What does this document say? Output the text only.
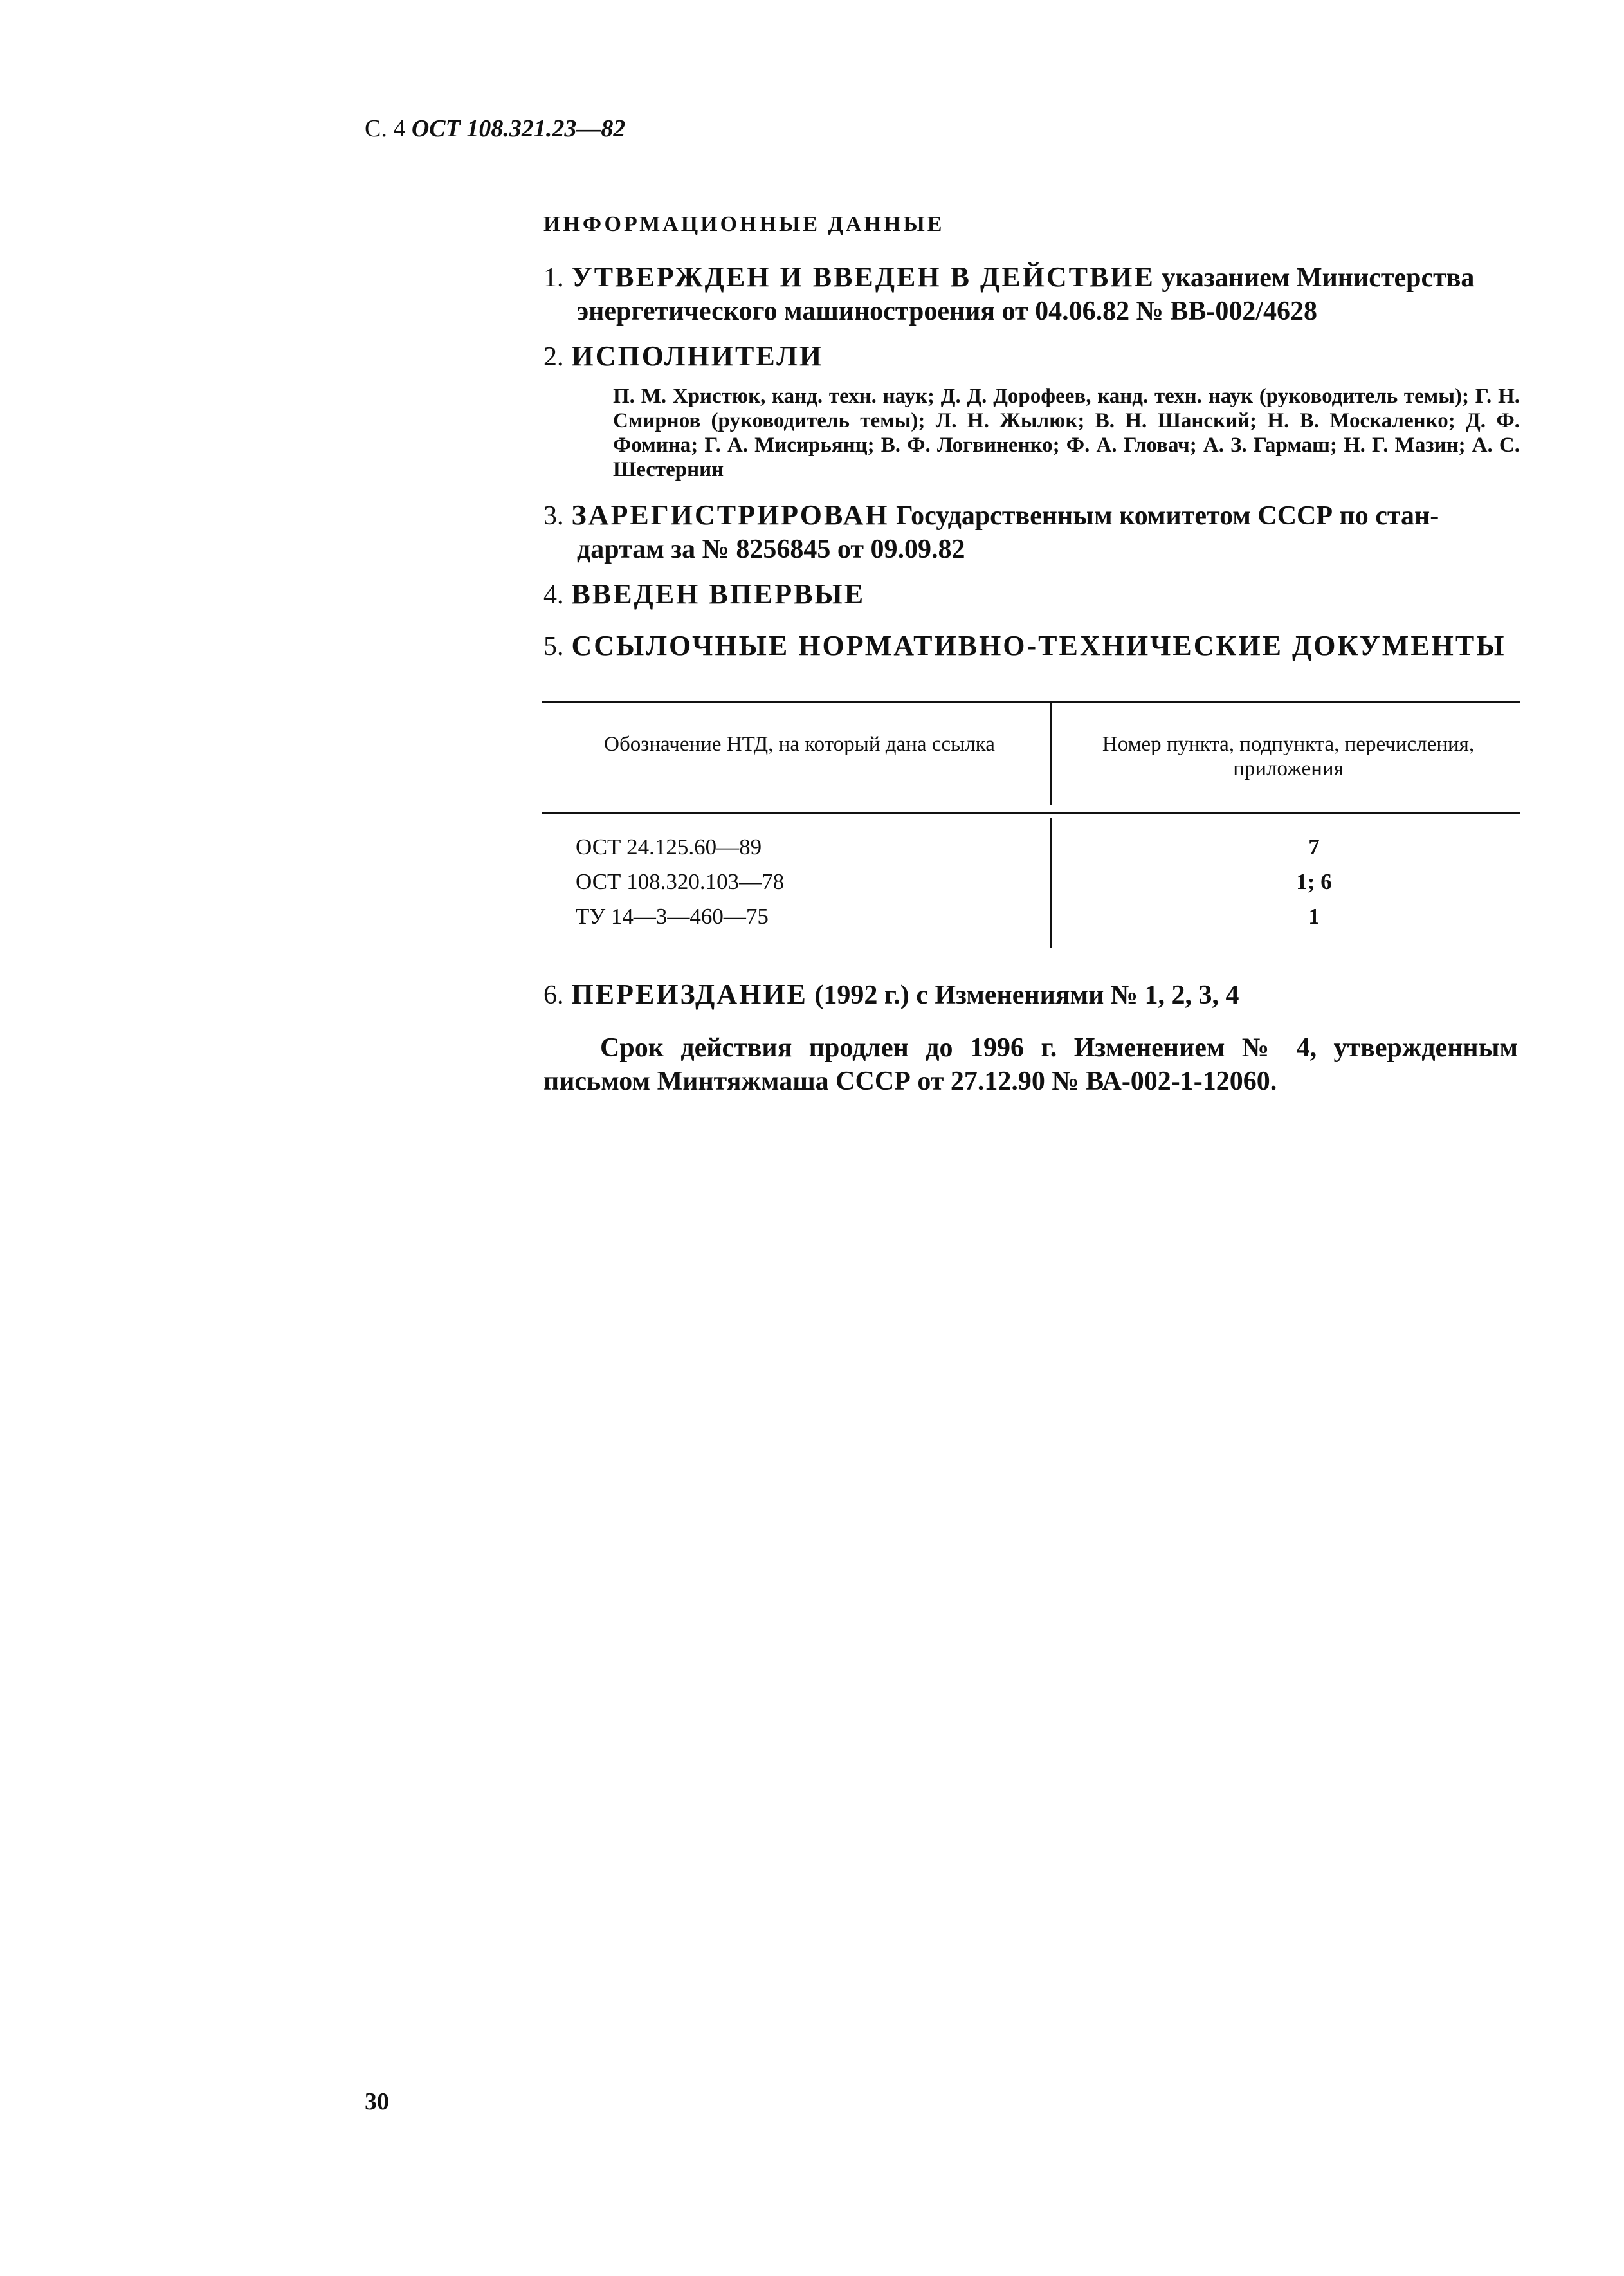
С. 4 ОСТ 108.321.23—82
ИНФОРМАЦИОННЫЕ ДАННЫЕ
1. УТВЕРЖДЕН И ВВЕДЕН В ДЕЙСТВИЕ указанием Министерства
энергетического машиностроения от 04.06.82 № ВВ-002/4628
2. ИСПОЛНИТЕЛИ
П. М. Христюк, канд. техн. наук; Д. Д. Дорофеев, канд. техн. наук (руководитель темы); Г. Н. Смирнов (руководитель темы); Л. Н. Жылюк; В. Н. Шанский; Н. В. Москаленко; Д. Ф. Фомина; Г. А. Мисирьянц; В. Ф. Логвиненко; Ф. А. Гловач; А. З. Гармаш; Н. Г. Мазин; А. С. Шестернин
3. ЗАРЕГИСТРИРОВАН Государственным комитетом СССР по стан-
дартам за № 8256845 от 09.09.82
4. ВВЕДЕН ВПЕРВЫЕ
5. ССЫЛОЧНЫЕ НОРМАТИВНО-ТЕХНИЧЕСКИЕ ДОКУМЕНТЫ
Обозначение НТД, на который дана ссылка	Номер пункта, подпункта, перечисления, приложения
ОСТ 24.125.60—89	7
ОСТ 108.320.103—78	1; 6
ТУ 14—3—460—75	1
6. ПЕРЕИЗДАНИЕ (1992 г.) с Изменениями № 1, 2, 3, 4
Срок действия продлен до 1996 г. Изменением № 4, утвержденным письмом Минтяжмаша СССР от 27.12.90 № ВА-002-1-12060.
30
